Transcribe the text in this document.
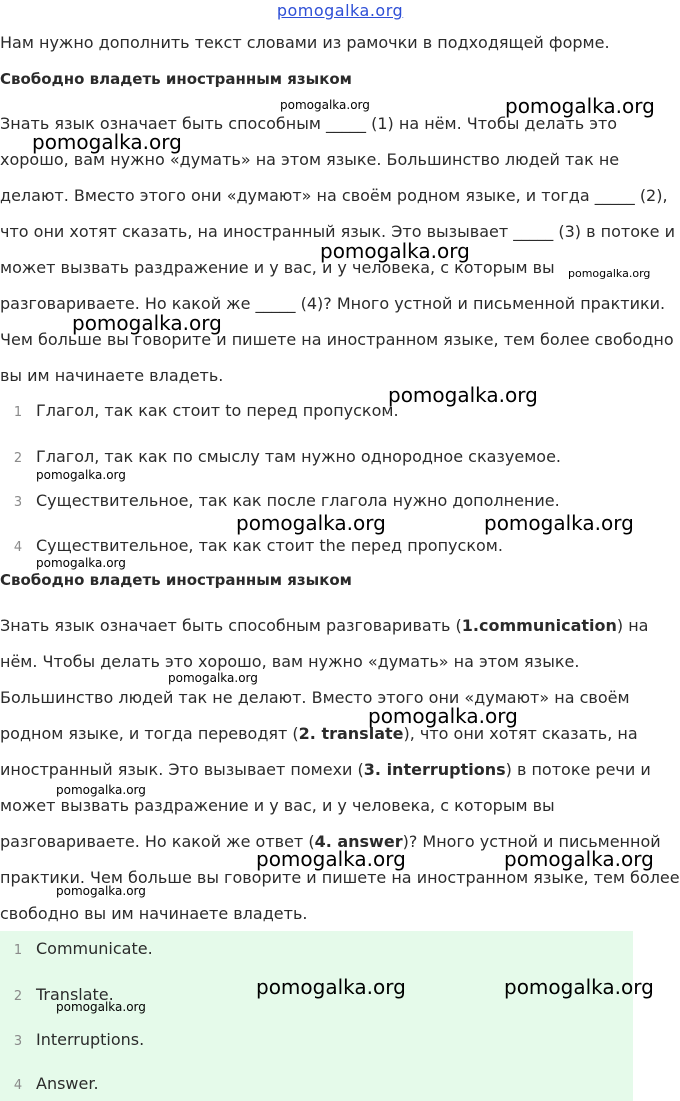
pomogalka.org

Нам нужно дополнить текст словами из рамочки в подходящей форме.

Свободно владеть иностранным языком

Знать язык означает быть способным _____ (1) на нём. Чтобы делать это хорошо, вам нужно «думать» на этом языке. Большинство людей так не делают. Вместо этого они «думают» на своём родном языке, и тогда _____ (2), что они хотят сказать, на иностранный язык. Это вызывает _____ (3) в потоке и может вызвать раздражение и у вас, и у человека, с которым вы разговариваете. Но какой же _____ (4)? Много устной и письменной практики. Чем больше вы говорите и пишете на иностранном языке, тем более свободно вы им начинаете владеть.

1 Глагол, так как стоит to перед пропуском.
2 Глагол, так как по смыслу там нужно однородное сказуемое.
3 Существительное, так как после глагола нужно дополнение.
4 Существительное, так как стоит the перед пропуском.

Свободно владеть иностранным языком

Знать язык означает быть способным разговаривать (1.communication) на нём. Чтобы делать это хорошо, вам нужно «думать» на этом языке. Большинство людей так не делают. Вместо этого они «думают» на своём родном языке, и тогда переводят (2. translate), что они хотят сказать, на иностранный язык. Это вызывает помехи (3. interruptions) в потоке речи и может вызвать раздражение и у вас, и у человека, с которым вы разговариваете. Но какой же ответ (4. answer)? Много устной и письменной практики. Чем больше вы говорите и пишете на иностранном языке, тем более свободно вы им начинаете владеть.

1 Communicate.
2 Translate.
3 Interruptions.
4 Answer.
pomogalka.org	pomogalka.org
pomogalka.org
pomogalka.org
pomogalka.org
pomogalka.org
pomogalka.org
pomogalka.org
pomogalka.org	pomogalka.org
pomogalka.org
pomogalka.org
pomogalka.org
pomogalka.org
pomogalka.org	pomogalka.org
pomogalka.org
pomogalka.org	pomogalka.org
pomogalka.org
